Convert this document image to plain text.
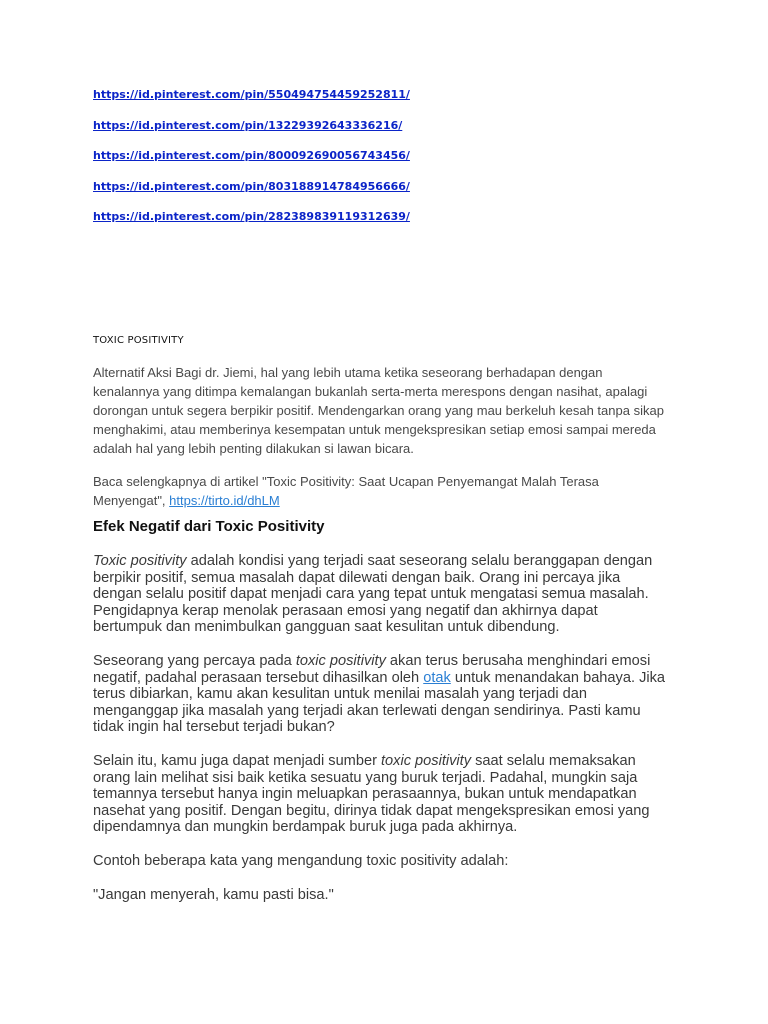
https://id.pinterest.com/pin/550494754459252811/
https://id.pinterest.com/pin/13229392643336216/
https://id.pinterest.com/pin/800092690056743456/
https://id.pinterest.com/pin/803188914784956666/
https://id.pinterest.com/pin/282389839119312639/
TOXIC POSITIVITY

Alternatif Aksi Bagi dr. Jiemi, hal yang lebih utama ketika seseorang berhadapan dengan kenalannya yang ditimpa kemalangan bukanlah serta-merta merespons dengan nasihat, apalagi dorongan untuk segera berpikir positif. Mendengarkan orang yang mau berkeluh kesah tanpa sikap menghakimi, atau memberinya kesempatan untuk mengekspresikan setiap emosi sampai mereda adalah hal yang lebih penting dilakukan si lawan bicara.

Baca selengkapnya di artikel "Toxic Positivity: Saat Ucapan Penyemangat Malah Terasa Menyengat", https://tirto.id/dhLM

Efek Negatif dari Toxic Positivity

Toxic positivity adalah kondisi yang terjadi saat seseorang selalu beranggapan dengan berpikir positif, semua masalah dapat dilewati dengan baik. Orang ini percaya jika dengan selalu positif dapat menjadi cara yang tepat untuk mengatasi semua masalah. Pengidapnya kerap menolak perasaan emosi yang negatif dan akhirnya dapat bertumpuk dan menimbulkan gangguan saat kesulitan untuk dibendung.

Seseorang yang percaya pada toxic positivity akan terus berusaha menghindari emosi negatif, padahal perasaan tersebut dihasilkan oleh otak untuk menandakan bahaya. Jika terus dibiarkan, kamu akan kesulitan untuk menilai masalah yang terjadi dan menganggap jika masalah yang terjadi akan terlewati dengan sendirinya. Pasti kamu tidak ingin hal tersebut terjadi bukan?

Selain itu, kamu juga dapat menjadi sumber toxic positivity saat selalu memaksakan orang lain melihat sisi baik ketika sesuatu yang buruk terjadi. Padahal, mungkin saja temannya tersebut hanya ingin meluapkan perasaannya, bukan untuk mendapatkan nasehat yang positif. Dengan begitu, dirinya tidak dapat mengekspresikan emosi yang dipendamnya dan mungkin berdampak buruk juga pada akhirnya.

Contoh beberapa kata yang mengandung toxic positivity adalah:

"Jangan menyerah, kamu pasti bisa."
